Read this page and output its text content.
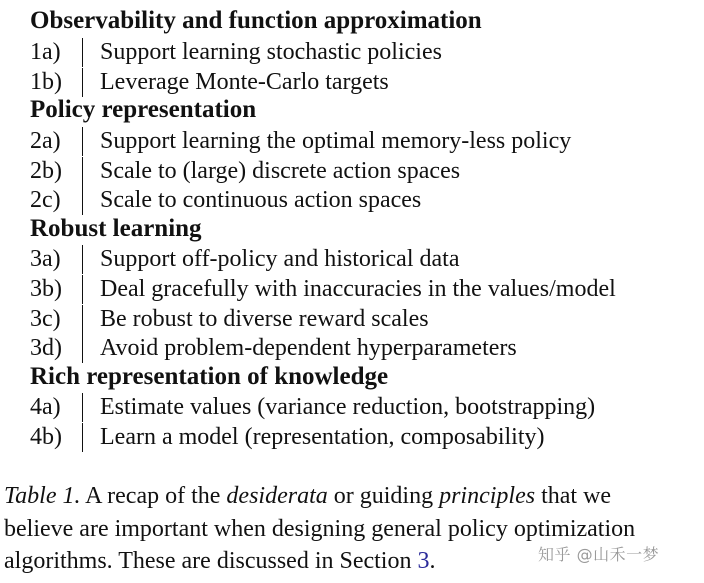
Observability and function approximation
1a) Support learning stochastic policies
1b) Leverage Monte-Carlo targets
Policy representation
2a) Support learning the optimal memory-less policy
2b) Scale to (large) discrete action spaces
2c) Scale to continuous action spaces
Robust learning
3a) Support off-policy and historical data
3b) Deal gracefully with inaccuracies in the values/model
3c) Be robust to diverse reward scales
3d) Avoid problem-dependent hyperparameters
Rich representation of knowledge
4a) Estimate values (variance reduction, bootstrapping)
4b) Learn a model (representation, composability)
Table 1. A recap of the desiderata or guiding principles that we
believe are important when designing general policy optimization
algorithms. These are discussed in Section 3.	知乎 @山禾一梦
